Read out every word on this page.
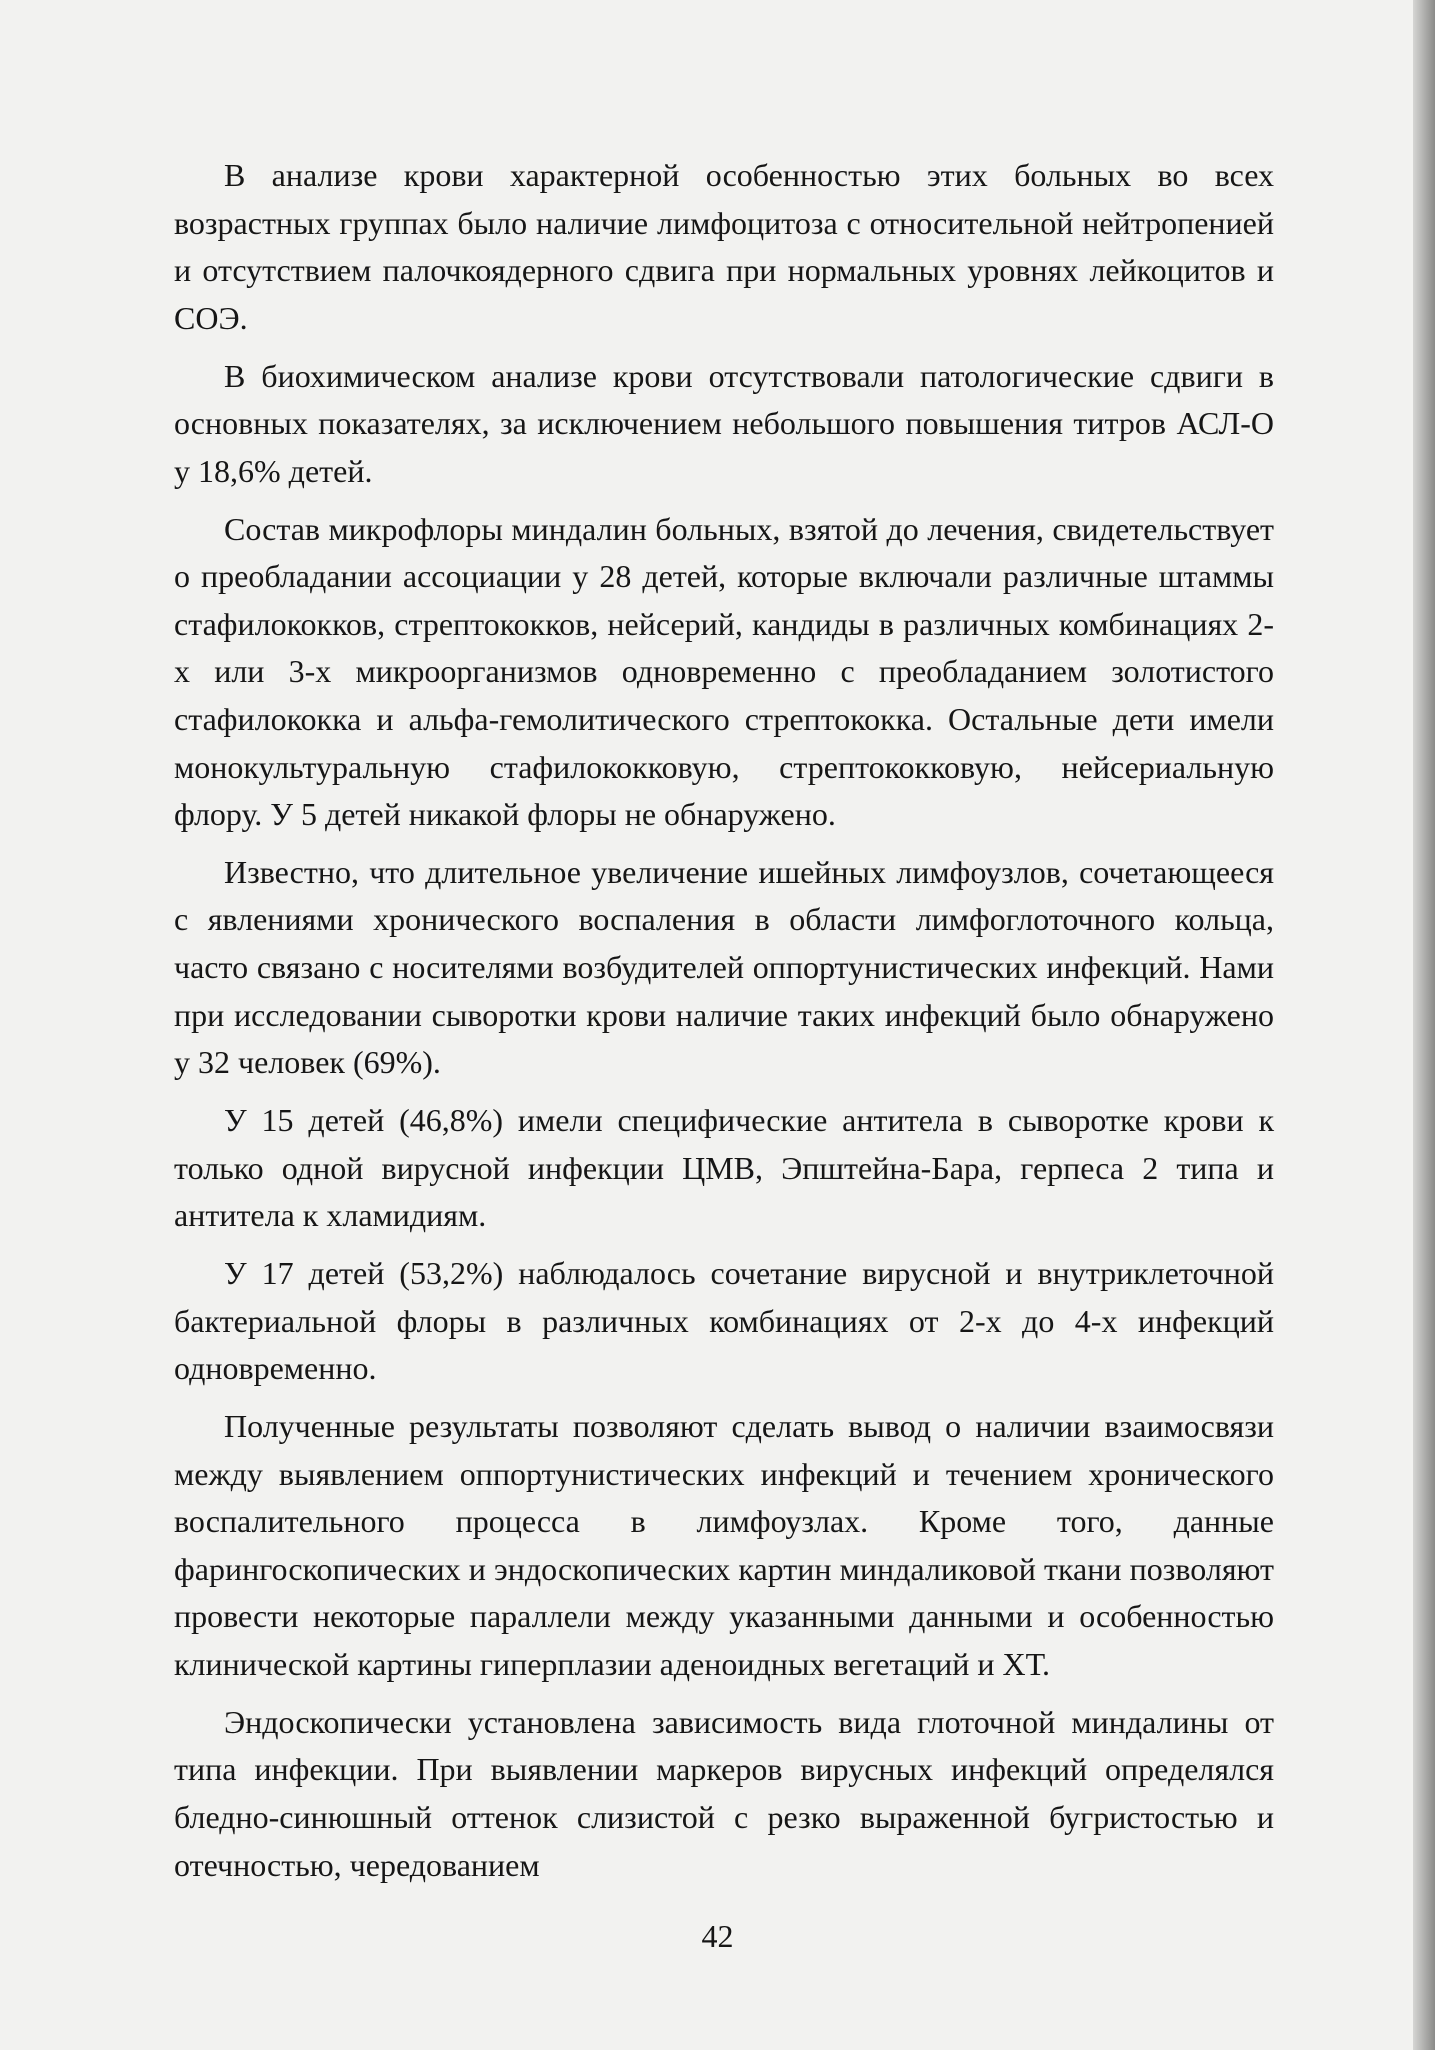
В анализе крови характерной особенностью этих больных во всех возрастных группах было наличие лимфоцитоза с относительной нейтропенией и отсутствием палочкоядерного сдвига при нормальных уровнях лейкоцитов и СОЭ.

В биохимическом анализе крови отсутствовали патологические сдвиги в основных показателях, за исключением небольшого повышения титров АСЛ-О у 18,6% детей.

Состав микрофлоры миндалин больных, взятой до лечения, свидетельствует о преобладании ассоциации у 28 детей, которые включали различные штаммы стафилококков, стрептококков, нейсерий, кандиды в различных комбинациях 2-х или 3-х микроорганизмов одновременно с преобладанием золотистого стафилококка и альфа-гемолитического стрептококка. Остальные дети имели монокультуральную стафилококковую, стрептококковую, нейсериальную флору. У 5 детей никакой флоры не обнаружено.

Известно, что длительное увеличение ишейных лимфоузлов, сочетающееся с явлениями хронического воспаления в области лимфоглоточного кольца, часто связано с носителями возбудителей оппортунистических инфекций. Нами при исследовании сыворотки крови наличие таких инфекций было обнаружено у 32 человек (69%).

У 15 детей (46,8%) имели специфические антитела в сыворотке крови к только одной вирусной инфекции ЦМВ, Эпштейна-Бара, герпеса 2 типа и антитела к хламидиям.

У 17 детей (53,2%) наблюдалось сочетание вирусной и внутриклеточной бактериальной флоры в различных комбинациях от 2-х до 4-х инфекций одновременно.

Полученные результаты позволяют сделать вывод о наличии взаимосвязи между выявлением оппортунистических инфекций и течением хронического воспалительного процесса в лимфоузлах. Кроме того, данные фарингоскопических и эндоскопических картин миндаликовой ткани позволяют провести некоторые параллели между указанными данными и особенностью клинической картины гиперплазии аденоидных вегетаций и ХТ.

Эндоскопически установлена зависимость вида глоточной миндалины от типа инфекции. При выявлении маркеров вирусных инфекций определялся бледно-синюшный оттенок слизистой с резко выраженной бугристостью и отечностью, чередованием

42
